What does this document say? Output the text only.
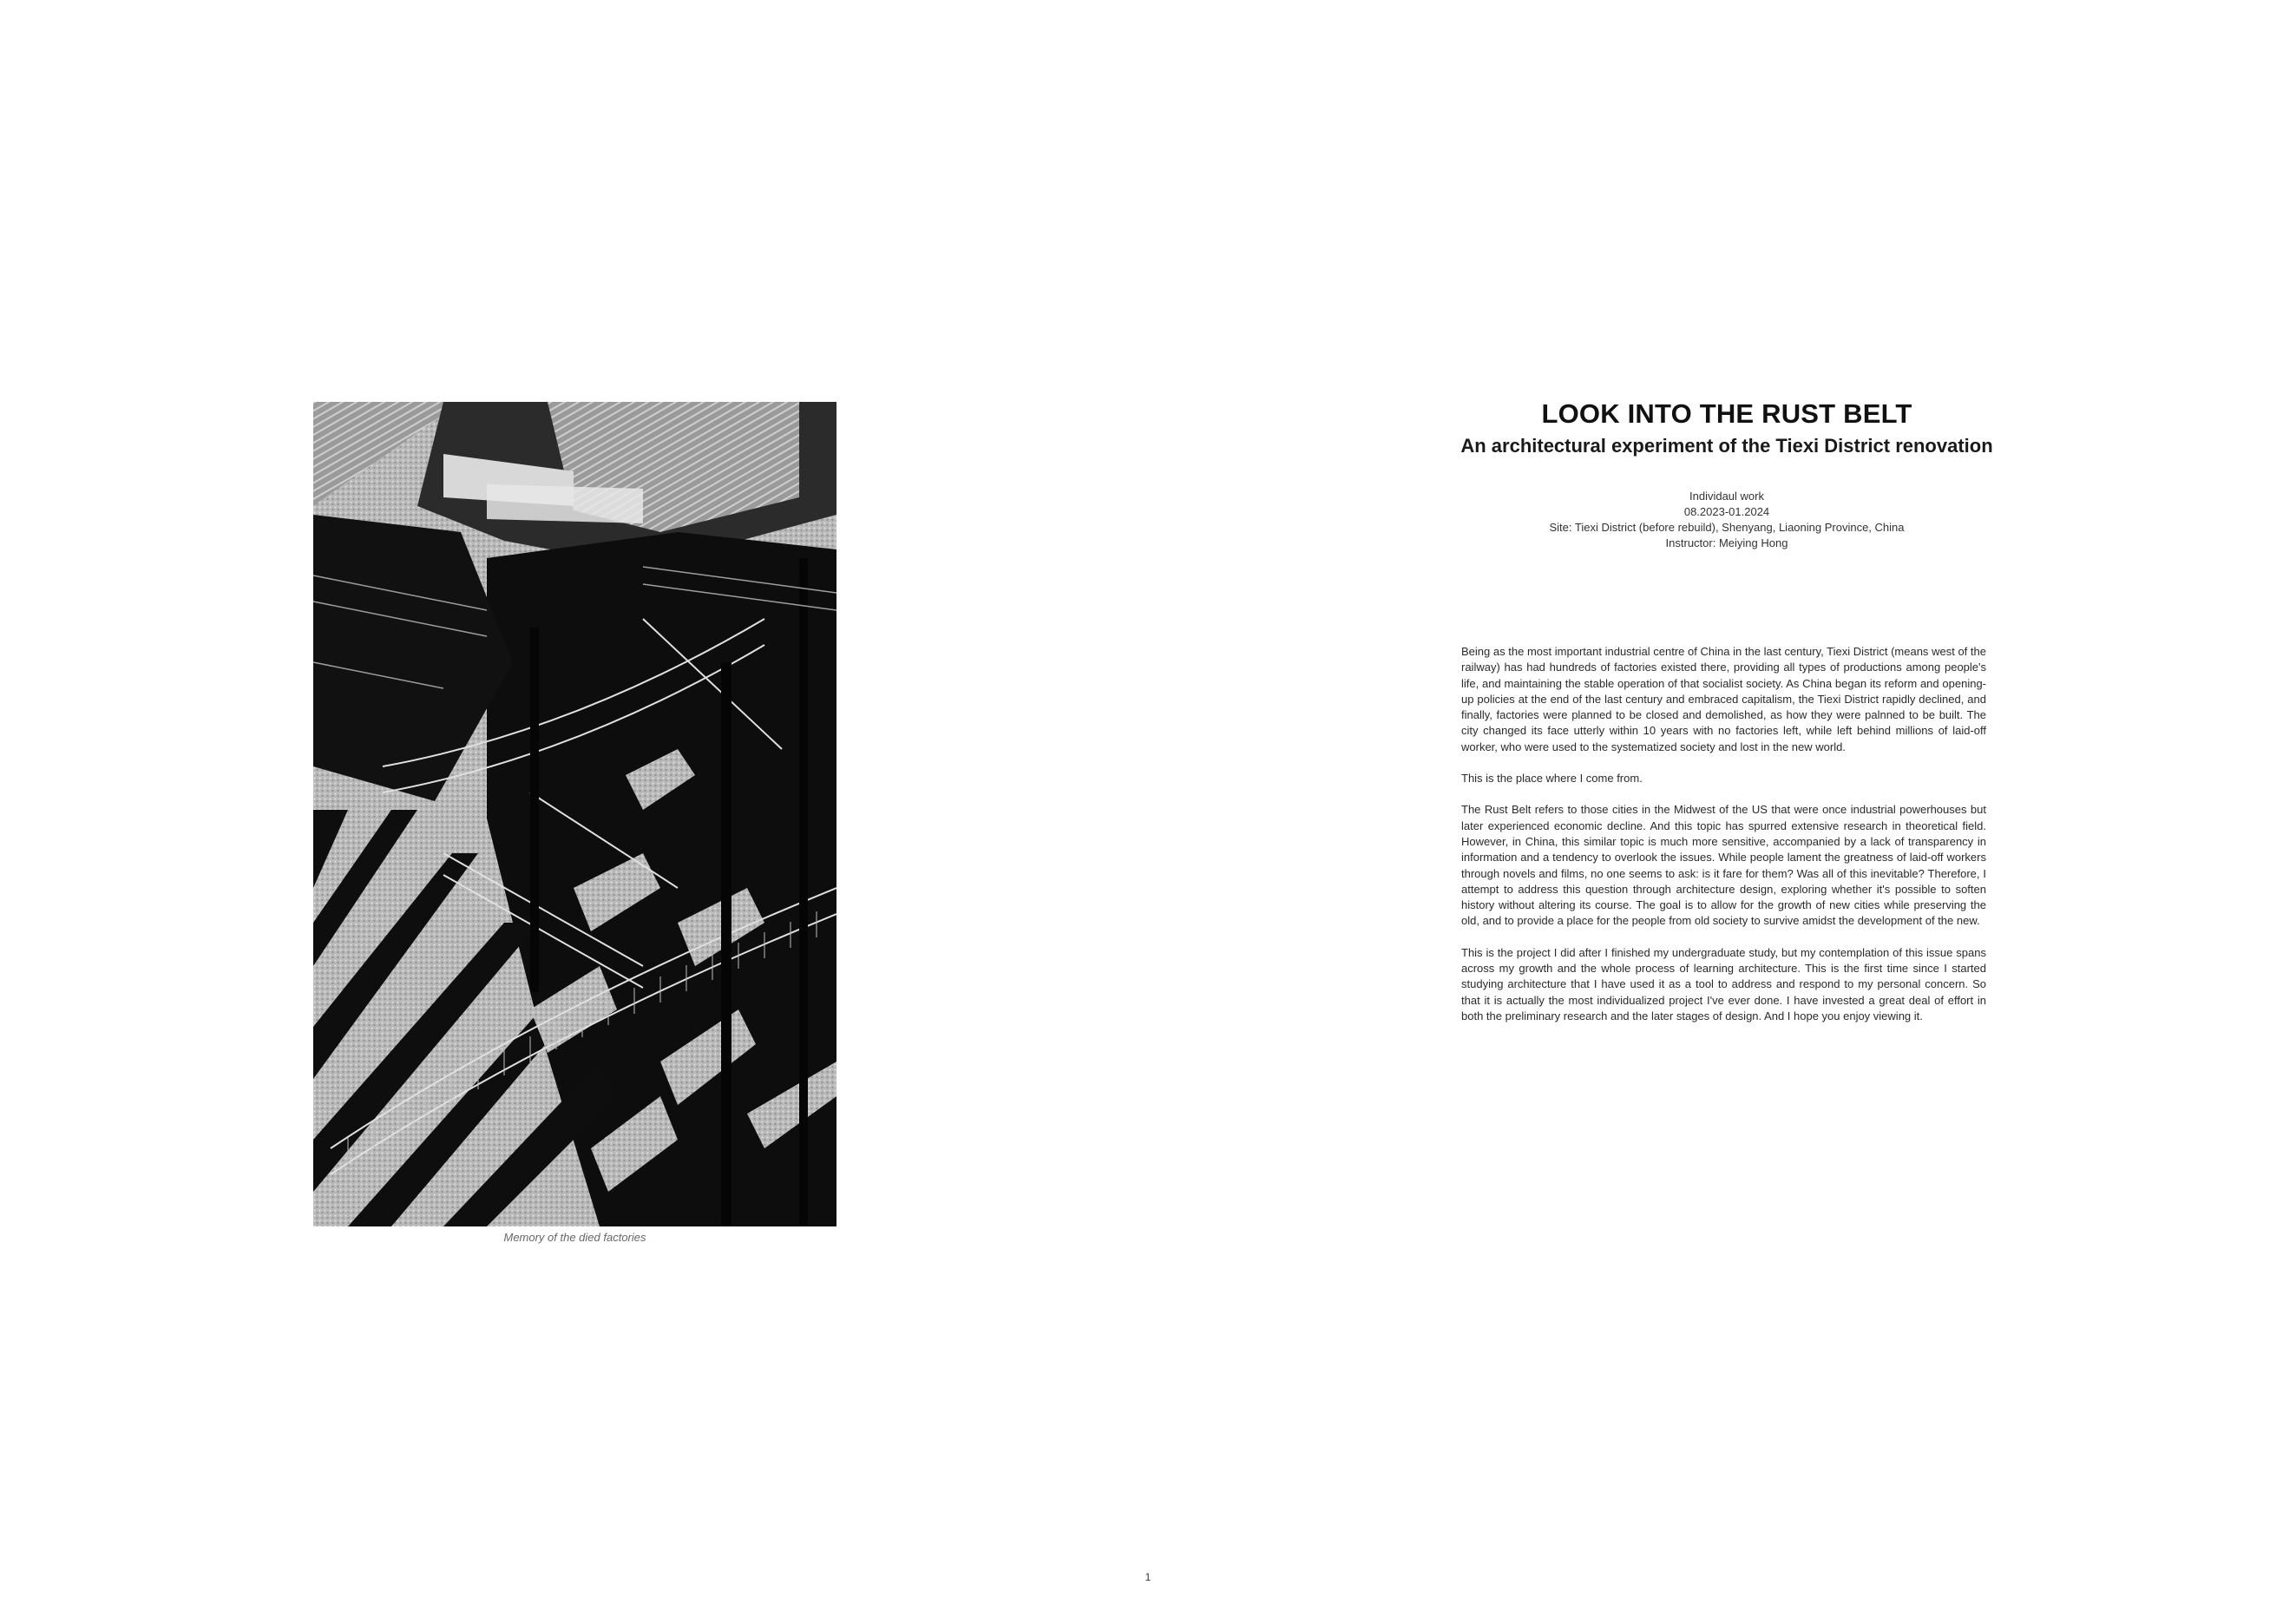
Memory of the died factories
LOOK INTO THE RUST BELT
An architectural experiment of the Tiexi District renovation
Individaul work
08.2023-01.2024
Site: Tiexi District (before rebuild), Shenyang, Liaoning Province, China
Instructor: Meiying Hong

Being as the most important industrial centre of China in the last century, Tiexi District (means west of the railway) has had hundreds of factories existed there, providing all types of productions among people's life, and maintaining the stable operation of that socialist society. As China began its reform and opening-up policies at the end of the last century and embraced capitalism, the Tiexi District rapidly declined, and finally, factories were planned to be closed and demolished, as how they were palnned to be built. The city changed its face utterly within 10 years with no factories left, while left behind millions of laid-off worker, who were used to the systematized society and lost in the new world.

This is the place where I come from.

The Rust Belt refers to those cities in the Midwest of the US that were once industrial powerhouses but later experienced economic decline. And this topic has spurred extensive research in theoretical field. However, in China, this similar topic is much more sensitive, accompanied by a lack of transparency in information and a tendency to overlook the issues. While people lament the greatness of laid-off workers through novels and films, no one seems to ask: is it fare for them? Was all of this inevitable? Therefore, I attempt to address this question through architecture design, exploring whether it's possible to soften history without altering its course. The goal is to allow for the growth of new cities while preserving the old, and to provide a place for the people from old society to survive amidst the development of the new.

This is the project I did after I finished my undergraduate study, but my contemplation of this issue spans across my growth and the whole process of learning architecture. This is the first time since I started studying architecture that I have used it as a tool to address and respond to my personal concern. So that it is actually the most individualized project I've ever done. I have invested a great deal of effort in both the preliminary research and the later stages of design. And I hope you enjoy viewing it.

1
